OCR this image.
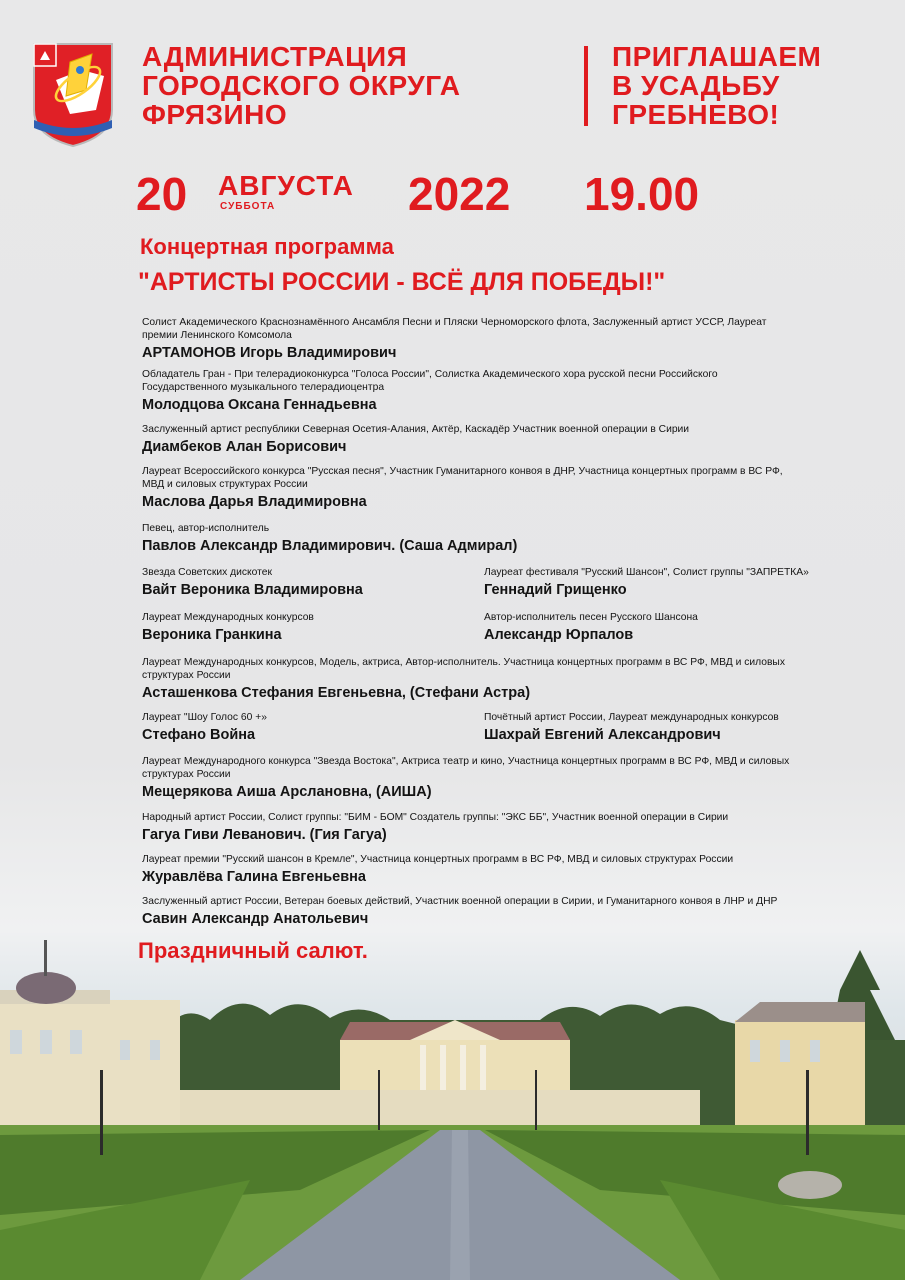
АДМИНИСТРАЦИЯ
ГОРОДСКОГО ОКРУГА
ФРЯЗИНО
ПРИГЛАШАЕМ
В УСАДЬБУ
ГРЕБНЕВО!
20 АВГУСТА
СУББОТА	2022 19.00
Концертная программа
"АРТИСТЫ РОССИИ - ВСЁ ДЛЯ ПОБЕДЫ!"
Солист Академического Краснознамённого Ансамбля Песни и Пляски Черноморского флота, Заслуженный артист УССР, Лауреат премии Ленинского Комсомола
АРТАМОНОВ Игорь Владимирович
Обладатель Гран - При телерадиоконкурса "Голоса России", Солистка Академического хора русской песни Российского Государственного музыкального телерадиоцентра
Молодцова Оксана Геннадьевна
Заслуженный артист республики Северная Осетия-Алания, Актёр, Каскадёр Участник военной операции в Сирии
Диамбеков Алан Борисович
Лауреат Всероссийского конкурса "Русская песня", Участник Гуманитарного конвоя в ДНР, Участница концертных программ в ВС РФ, МВД и силовых структурах России
Маслова Дарья Владимировна
Певец, автор-исполнитель
Павлов Александр Владимирович. (Саша Адмирал)
Звезда Советских дискотек
Вайт Вероника Владимировна
Лауреат фестиваля "Русский Шансон", Солист группы "ЗАПРЕТКА»
Геннадий Грищенко
Лауреат Международных конкурсов
Вероника Гранкина
Автор-исполнитель песен Русского Шансона
Александр Юрпалов
Лауреат Международных конкурсов, Модель, актриса, Автор-исполнитель. Участница концертных программ в ВС РФ, МВД и силовых структурах России
Асташенкова Стефания Евгеньевна, (Стефани Астра)
Лауреат "Шоу Голос 60 +»
Стефано Война
Почётный артист России, Лауреат международных конкурсов
Шахрай Евгений Александрович
Лауреат Международного конкурса "Звезда Востока", Актриса театр и кино, Участница концертных программ в ВС РФ, МВД и силовых структурах России
Мещерякова Аиша Арслановна, (АИША)
Народный артист России, Солист группы: "БИМ - БОМ" Создатель группы: "ЭКС ББ", Участник военной операции в Сирии
Гагуа Гиви Леванович. (Гия Гагуа)
Лауреат премии "Русский шансон в Кремле", Участница концертных программ в ВС РФ, МВД и силовых структурах России
Журавлёва Галина Евгеньевна
Заслуженный артист России, Ветеран боевых действий, Участник военной операции в Сирии, и Гуманитарного конвоя в ЛНР и ДНР
Савин Александр Анатольевич
Праздничный салют.
